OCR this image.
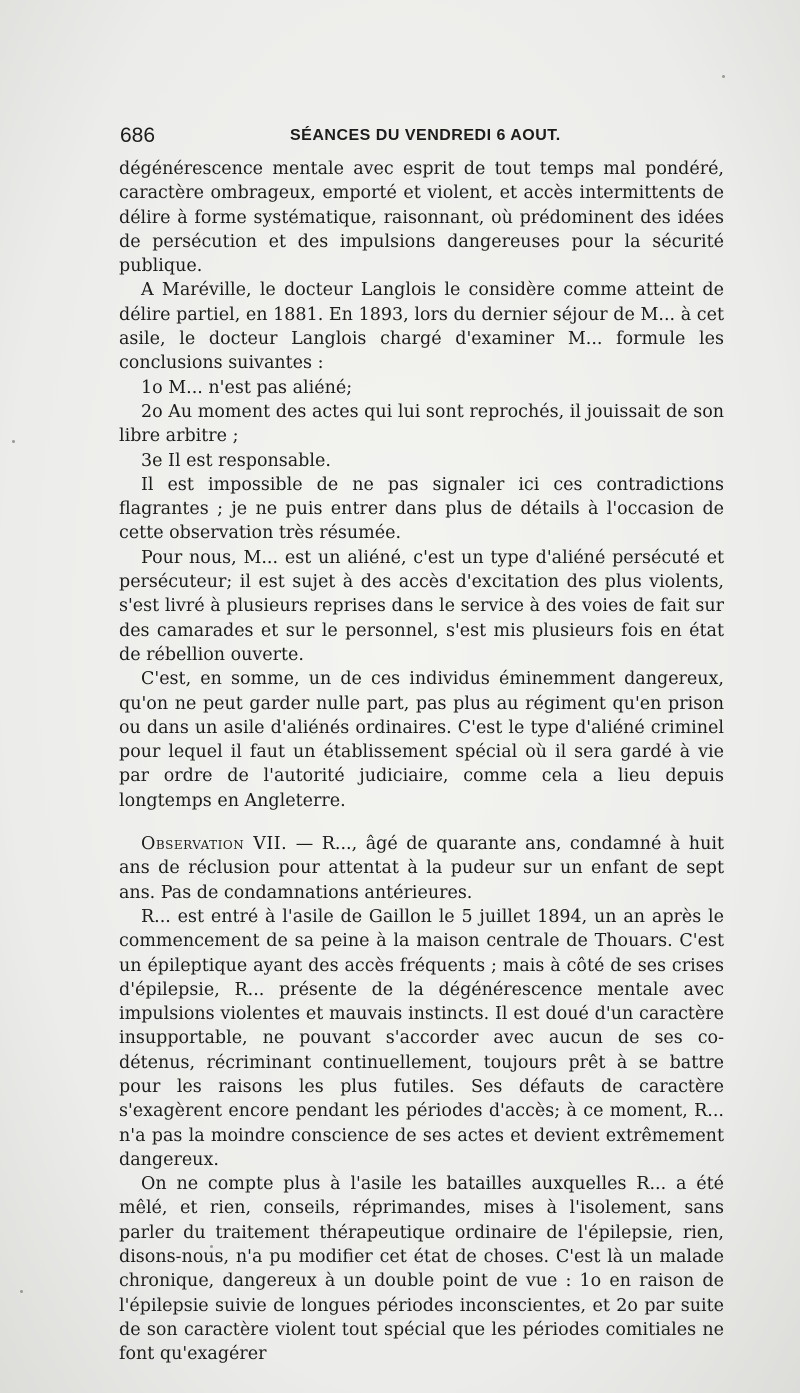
686	SÉANCES DU VENDREDI 6 AOUT.

dégénérescence mentale avec esprit de tout temps mal pondéré, caractère ombrageux, emporté et violent, et accès intermittents de délire à forme systématique, raisonnant, où prédominent des idées de persécution et des impulsions dangereuses pour la sécurité publique.

A Maréville, le docteur Langlois le considère comme atteint de délire partiel, en 1881. En 1893, lors du dernier séjour de M... à cet asile, le docteur Langlois chargé d'examiner M... formule les conclusions suivantes :

1o M... n'est pas aliéné;

2o Au moment des actes qui lui sont reprochés, il jouissait de son libre arbitre ;

3e Il est responsable.

Il est impossible de ne pas signaler ici ces contradictions flagrantes ; je ne puis entrer dans plus de détails à l'occasion de cette observation très résumée.

Pour nous, M... est un aliéné, c'est un type d'aliéné persécuté et persécuteur; il est sujet à des accès d'excitation des plus violents, s'est livré à plusieurs reprises dans le service à des voies de fait sur des camarades et sur le personnel, s'est mis plusieurs fois en état de rébellion ouverte.

C'est, en somme, un de ces individus éminemment dangereux, qu'on ne peut garder nulle part, pas plus au régiment qu'en prison ou dans un asile d'aliénés ordinaires. C'est le type d'aliéné criminel pour lequel il faut un établissement spécial où il sera gardé à vie par ordre de l'autorité judiciaire, comme cela a lieu depuis longtemps en Angleterre.

Observation VII. — R..., âgé de quarante ans, condamné à huit ans de réclusion pour attentat à la pudeur sur un enfant de sept ans. Pas de condamnations antérieures.

R... est entré à l'asile de Gaillon le 5 juillet 1894, un an après le commencement de sa peine à la maison centrale de Thouars. C'est un épileptique ayant des accès fréquents ; mais à côté de ses crises d'épilepsie, R... présente de la dégénérescence mentale avec impulsions violentes et mauvais instincts. Il est doué d'un caractère insupportable, ne pouvant s'accorder avec aucun de ses co-détenus, récriminant continuellement, toujours prêt à se battre pour les raisons les plus futiles. Ses défauts de caractère s'exagèrent encore pendant les périodes d'accès; à ce moment, R... n'a pas la moindre conscience de ses actes et devient extrêmement dangereux.

On ne compte plus à l'asile les batailles auxquelles R... a été mêlé, et rien, conseils, réprimandes, mises à l'isolement, sans parler du traitement thérapeutique ordinaire de l'épilepsie, rien, disons-nous, n'a pu modifier cet état de choses. C'est là un malade chronique, dangereux à un double point de vue : 1o en raison de l'épilepsie suivie de longues périodes inconscientes, et 2o par suite de son caractère violent tout spécial que les périodes comitiales ne font qu'exagérer
